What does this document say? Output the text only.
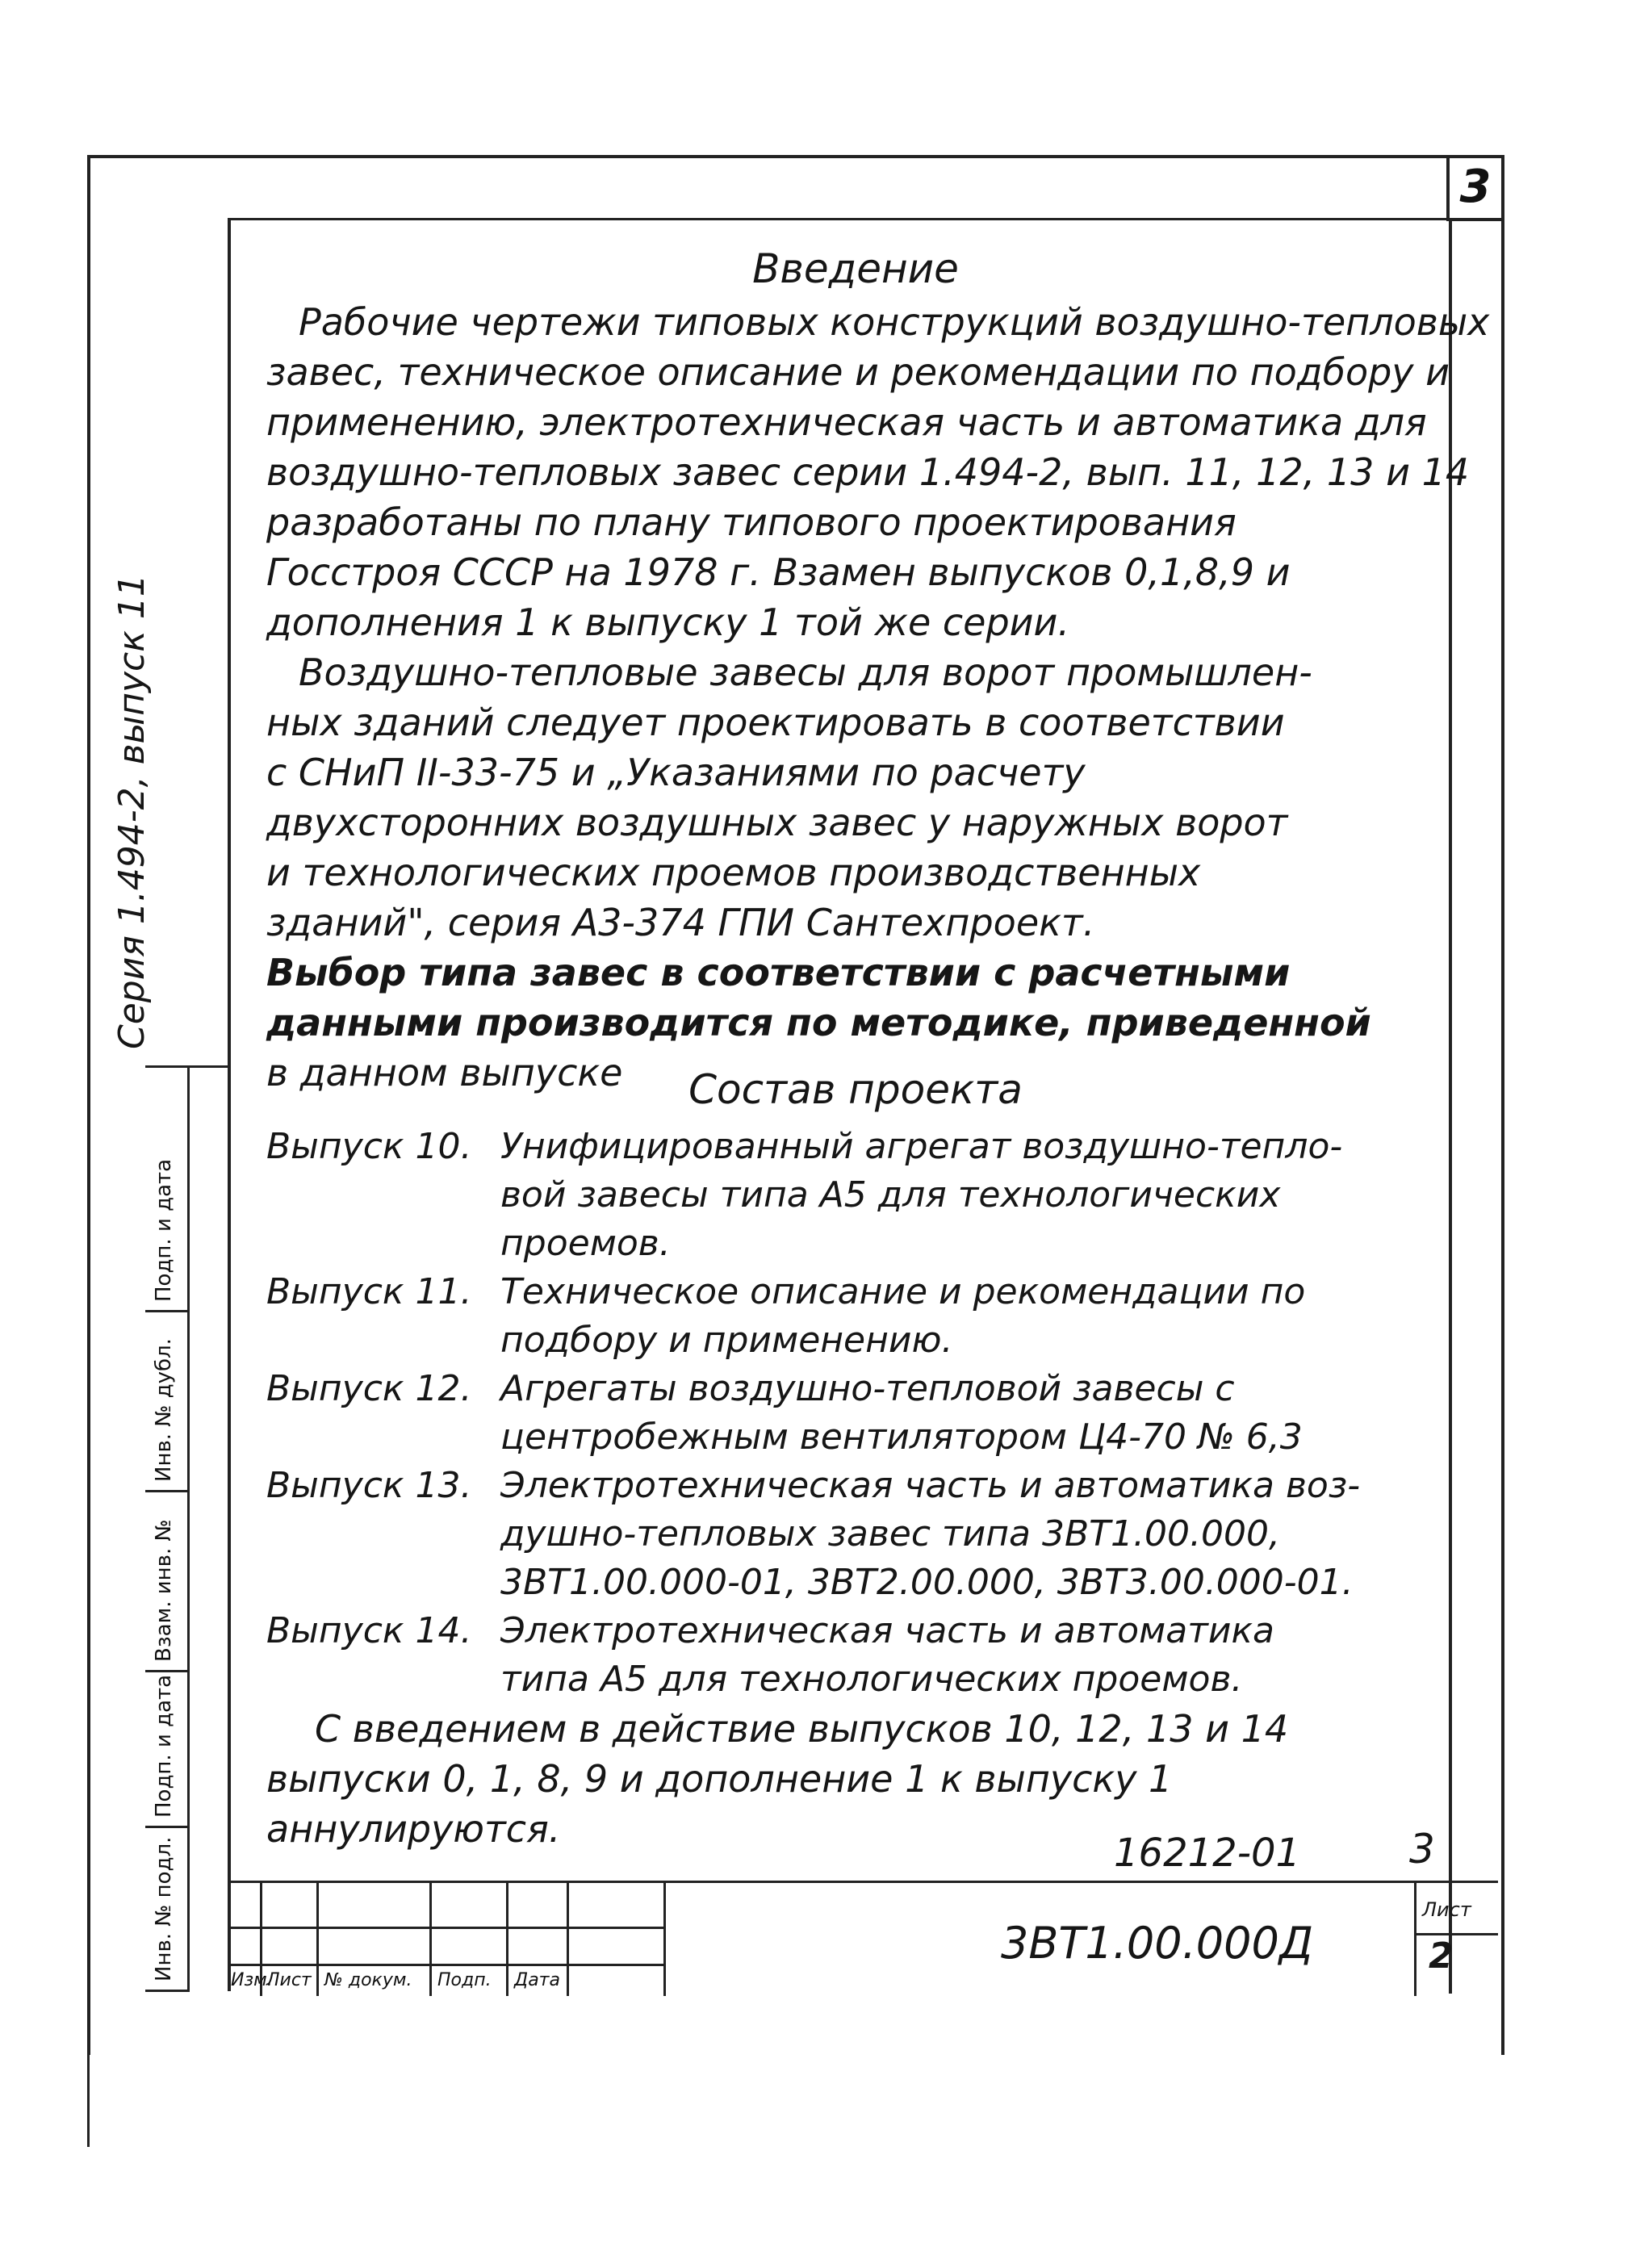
3
Серия 1.494-2, выпуск 11
Подп. и дата
Инв. № дубл.
Взам. инв. №
Подп. и дата
Инв. № подл.
Введение
Рабочие чертежи типовых конструкций воздушно-тепловых
завес, техническое описание и рекомендации по подбору и
применению, электротехническая часть и автоматика для
воздушно-тепловых завес серии 1.494-2, вып. 11, 12, 13 и 14
разработаны по плану типового проектирования
Госстроя СССР на 1978 г. Взамен выпусков 0,1,8,9 и
дополнения 1 к выпуску 1 той же серии.
Воздушно-тепловые завесы для ворот промышлен-
ных зданий следует проектировать в соответствии
с СНиП II-33-75 и „Указаниями по расчету
двухсторонних воздушных завес у наружных ворот
и технологических проемов производственных
зданий", серия А3-374 ГПИ Сантехпроект.
Выбор типа завес в соответствии с расчетными
данными производится по методике, приведенной
в данном выпуске	Состав проекта
Выпуск 10. Унифицированный агрегат воздушно-тепло-
вой завесы типа А5 для технологических
проемов.
Выпуск 11. Техническое описание и рекомендации по
подбору и применению.
Выпуск 12. Агрегаты воздушно-тепловой завесы с
центробежным вентилятором Ц4-70 № 6,3
Выпуск 13. Электротехническая часть и автоматика воз-
душно-тепловых завес типа 3ВТ1.00.000,
3ВТ1.00.000-01, 3ВТ2.00.000, 3ВТ3.00.000-01.
Выпуск 14. Электротехническая часть и автоматика
типа А5 для технологических проемов.
С введением в действие выпусков 10, 12, 13 и 14
выпуски 0, 1, 8, 9 и дополнение 1 к выпуску 1
аннулируются.
16212-01	3
Изм.
Лист № докум. Подп. Дата
3ВТ1.00.000Д
Лист
2
